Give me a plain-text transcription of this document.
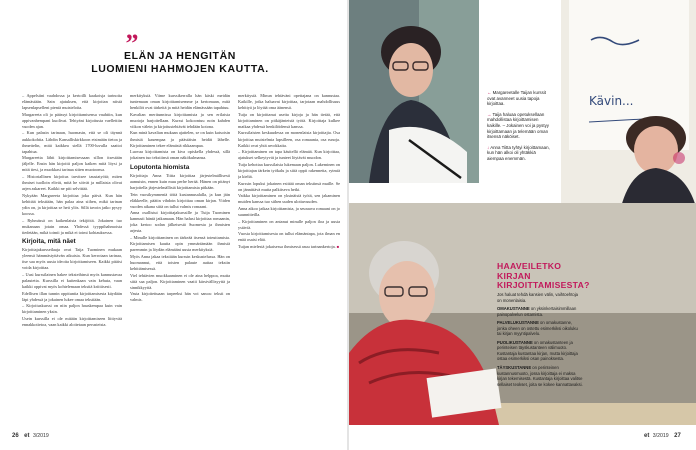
”
ELÄN JA HENGITÄN
LUOMIENI HAHMOJEN KAUTTA.

– Appelsiini vaahdossa ja kertoilli kaakoisja tarinoita elämästään. Sain ajatuksen, että kirjoitan niistä lapsenlapselleni pieniä muisteloita.

Margareeta oli jo päässyt kirjoittamisensa vauhtiin, kun appivanhempani kuolivat. Tehtyäni kirjoitusta vaellettiin vuoden ajan.

– Kun palasin tarinaan, huomasin, että se oli täynnä aukkokohtia. Lähdin Kansalliskirkkoon etsimään tietoa ja ihmettelin, mitä kaikkea siellä 1700-luvulla saattoi tapahtua.

Margareetta lähti kirjoittamisessaan sillon itsestään jäljelle. Ensin hän kirjoitti paljon kaiken mitä löysi ja mitä tiesi, ja muokkasi tarinaa sitten muotoonsa.

– Historiallinen kirjoitus tarvitsee taustatyötä; miten ihmiset tuolloin elivät, mitä he söivät ja millaisia olivat arjen askareet. Kaikki ne piti selvittää.

Nykyään Margareeta kirjoittaa joka päivä. Kun hän kehittää tekstiään, hän palaa aina siihen, mikä tarinan ydin on, ja kirjoittaa se heti ylös. Sillä tavoin jatko pysyy koossa.

– Ryhmässä on kaikenlaisia tekijöitä. Jokainen tuo mukanaan jotain omaa. Yhdessä tyyppihahmoista tiedetään, mikä toimii ja mikä ei toimi kohtauksessa.

Kirjoita, mitä näet

Kirjoittajakursseilaaja ovat Taija Tuominen mukaan yleensä hämmästyttävän aikuisia. Kun kerrotaan tarinaa, itse saa myös uusia ideoita kirjoittamiseen. Kaikki pitäisi voida kirjoittaa.

– Uusi kurssilainen hakee teksteihinsä myös kannustavaa palautetta. Kurssilla ei kuitenkaan vain kehuta, vaan kaikki oppivat myös kohtelemaan tekstiä kriittisesti.

Edellisen illan tunnin oppituntia kirjoittamisesta käydään läpi yhdessä ja jokainen lukee omaa tekstiään.

– Kirjoituskurssi on niin paljon hauskempaa kuin vain kirjoittaminen yksin.

Usein kurssilla ei ole mitään kirjoittamiseen liittyvää ennakkotietoa, vaan kaikki aloitetaan perusteista.

merkityksiä. Viime kurssikerralla hän käski meidän tuntemaan oman kirjoittamisemme ja kertomaan, mitä henkilöt ovat tärkeitä ja mitä heidän elämässään tapahtuu.

Kavalian meritunnissa kirjoittamista ja sen erilaisia muotoja harjoitellaan. Kurssi kokoontuu noin kahden viikon välein ja kirjoitustehtävät tehdään kotona.

Kun minä kavalian mukaan ajattelen, se on kuin katsoisin ihmisiä kauempaa ja päästäisin heidät lähelle. Kirjoittaminen tekee elämästä rikkaampaa.

Luovaa kirjoittamista on kiva opiskella yhdessä, sillä jokainen tuo tekstiinsä oman näkökulmansa.

Loputonta hiomista

Kirjoittaja Anna Tiitta kirjoittaa järjestelmällisesti aamuisin, ennen kuin muu perhe herää. Hänen on pitänyt harjoitella järjestelmällistä kirjoittamista pitkään.

Tein vuosikymmeniä töitä kustannusalalla, ja kun jäin eläkkeelle, päätin vihdoin kirjoittaa oman kirjan. Viiden vuoden aikana siitä on tullut valmis romaani.

Anna osallistui kirjoittajakurssille ja Tuija Tuominen kannusti häntä jatkamaan. Hän halusi kirjoittaa romaanin, joka kertoo sodan jälkeisestä Suomesta ja ihmisten arjesta.

– Minulle kirjoittaminen on tärkeää itsensä toteuttamista. Kirjoittamisen kautta opin ymmärtämään ihmisiä paremmin ja löydän elämääni uusia merkityksiä.

Myös Anna jakaa tekstiään kurssin keskustelussa. Hän on huomannut, että toisten palaute auttaa tekstin kehittämisessä.

Viel tehtävien muokkaaminen ei ole aina helppoa, mutta siitä saa paljon. Kirjoittaminen vaatii kärsivällisyyttä ja sinnikkyyttä.

Vasta kirjoitettuaan tarpeeksi hän voi sanoa: teksti on valmis.

merkitystä. Minun tehtäväni opettajana on kannustaa. Kaikille, jotka haluavat kirjoittaa, tarjotaan mahdollisuus kehittyä ja löytää oma äänensä.

Tuija on kirjoittanut useita kirjoja ja hän tietää, että kirjoittaminen on pitkäjänteistä työtä. Kirjoittaja kulkee matkaa yhdessä henkilöidensä kanssa.

Kurssilaisten keskuudessa on monenlaisia kirjoittajia. Osa kirjoittaa muistelmia lapsilleen, osa romaania, osa runoja. Kaikki ovat yhtä arvokkaita.

– Kirjoittaminen on tapa käsitellä elämää. Kun kirjoittaa, ajatukset selkeytyvät ja tunteet löytävät muodon.

Tuija kehottaa kurssilaisia lukemaan paljon. Lukeminen on kirjoittajan tärkein työkalu ja siitä oppii rakennetta, rytmiä ja kieltä.

Kurssin lopuksi jokainen esittää oman tekstinsä muille. Se on jännittävä mutta palkitseva hetki.

Vaikka kirjoittaminen on yksinäistä työtä, sen jakaminen muiden kanssa tuo siihen uuden ulottuvuuden.

Anna aikoo jatkaa kirjoittamista, ja seuraava romaani on jo suunnitteilla.

– Kirjoittaminen on antanut minulle paljon iloa ja uusia ystäviä.

Vuosia kirjoittamisesta on tullut elämäntapa, jota ilman en enää osaisi elää.

Tuijan mielestä jokaisessa ihmisessä asuu tarinankertoja. ■

26 et 3/2019
Kävin...
← Margareetalle Taijan kurssit ovat avanneet uusia tapoja kirjoittaa.
→ Taija haluaa opetuksellaan mahdollistaa kirjoittamisen kaikille. – Jokainen voi ja pystyy kirjoittamaan ja telemään oman itsensä näköiset.
↓ Anna Tiitta tyhtyi kirjoittamaan, kun hän alkoi oli yhtäkkiä aiempaa enemmän.
HAAVEILETKO KIRJAN KIRJOITTAMISESTA?

Jos haluat tehdä kansien välin, vaihtoehtoja on monenlaisia.

OMAKUSTANNE on yksinkertaisimmillaan painopalvelun ostamista.

PALVELUKUSTANNE on omakustanne, jonka oheen on ostettu esimerkiksi oikoluku tai kirjan myyntipalvelu.

PUOLIKUSTANNE on omakustanteen ja perinteisen täyskustanteen välimuoto. Kustantaja kustantaa kirjan, mutta kirjoittaja ostaa esimerkiksi osan painoksesta.

TÄYSKUSTANNE on perinteinen kustannusmuoto, jossa kirjoittaja ei maksa kirjan tekemisestä. Kustantaja kirjoittaa valitse sellaiset teokset, joita se kokee kannattavaksi.

et 3/2019 27
